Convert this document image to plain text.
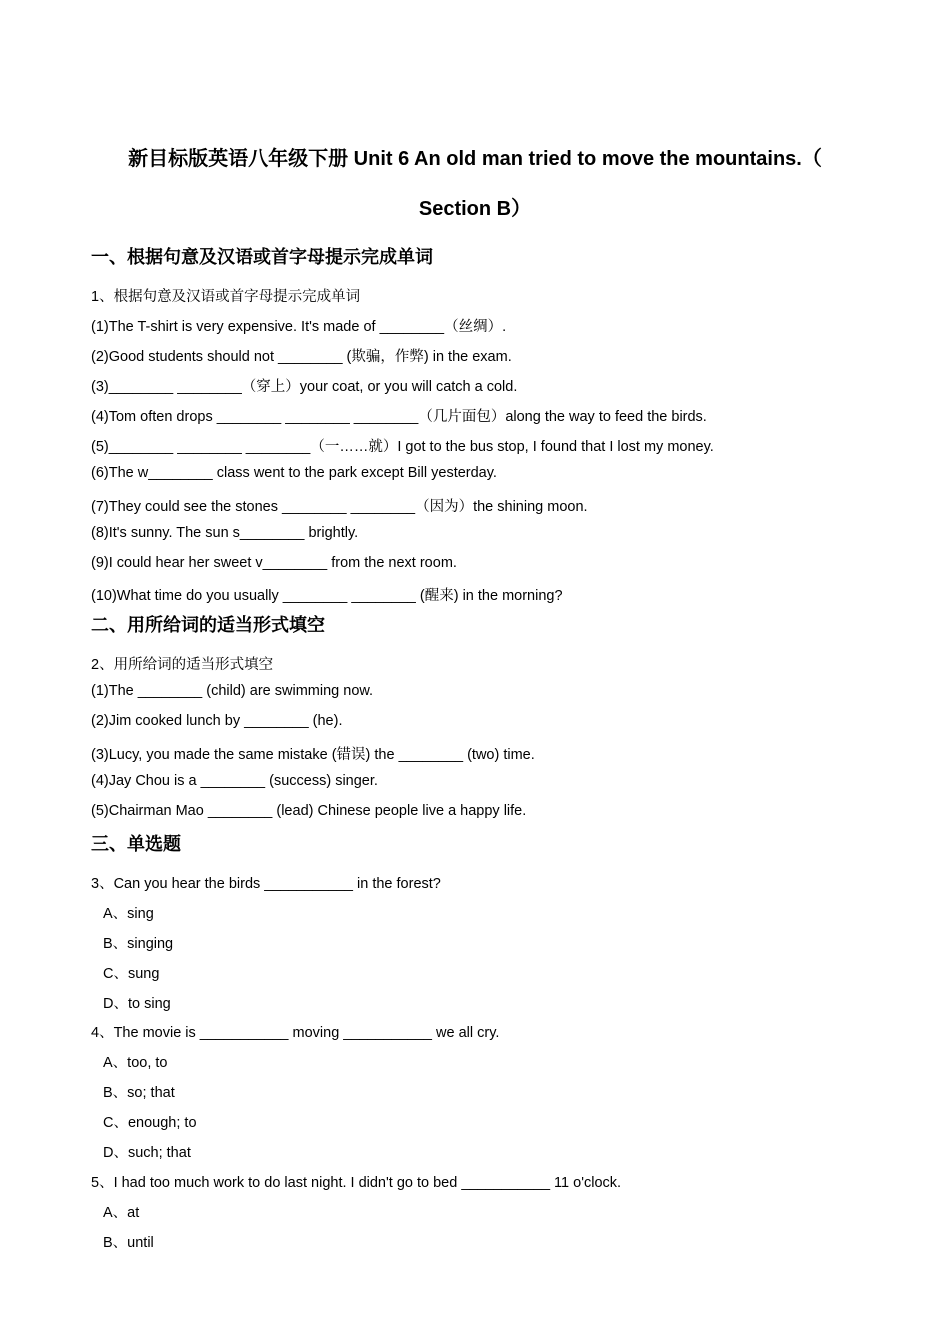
新目标版英语八年级下册 Unit 6 An old man tried to move the mountains.（
Section B）
一、根据句意及汉语或首字母提示完成单词
1、根据句意及汉语或首字母提示完成单词
(1)The T-shirt is very expensive. It's made of ________（丝绸）.
(2)Good students should not ________ (欺骗，作弊) in the exam.
(3)________ ________（穿上）your coat, or you will catch a cold.
(4)Tom often drops ________ ________ ________（几片面包）along the way to feed the birds.
(5)________ ________ ________（一……就）I got to the bus stop, I found that I lost my money.
(6)The w________ class went to the park except Bill yesterday.
(7)They could see the stones ________ ________（因为）the shining moon.
(8)It's sunny. The sun s________ brightly.
(9)I could hear her sweet v________ from the next room.
(10)What time do you usually ________ ________ (醒来) in the morning?
二、用所给词的适当形式填空
2、用所给词的适当形式填空
(1)The ________ (child) are swimming now.
(2)Jim cooked lunch by ________ (he).
(3)Lucy, you made the same mistake (错误) the ________ (two) time.
(4)Jay Chou is a ________ (success) singer.
(5)Chairman Mao ________ (lead) Chinese people live a happy life.
三、单选题
3、Can you hear the birds ___________ in the forest?
A、sing
B、singing
C、sung
D、to sing
4、The movie is ___________ moving ___________ we all cry.
A、too, to
B、so; that
C、enough; to
D、such; that
5、I had too much work to do last night. I didn't go to bed ___________ 11 o'clock.
A、at
B、until
